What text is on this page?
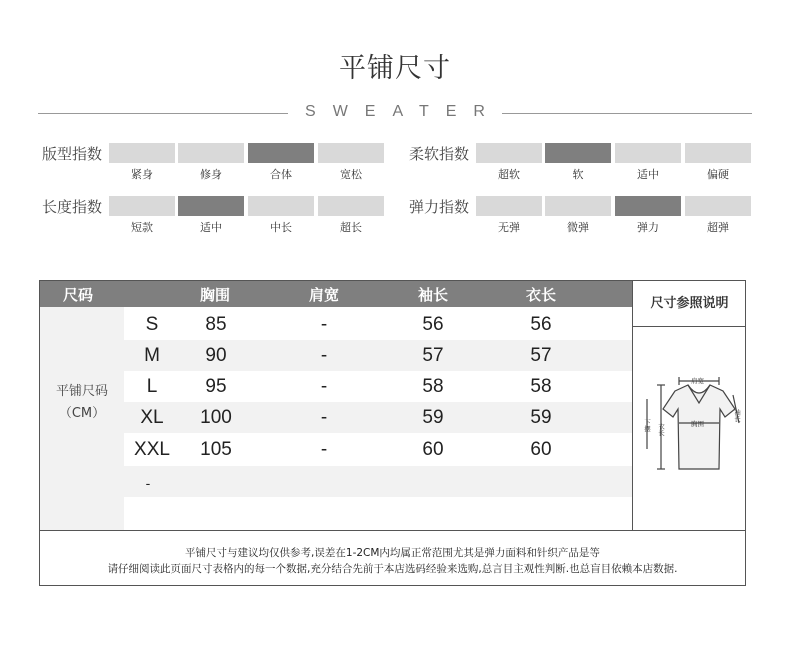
平铺尺寸
SWEATER
版型指数
紧身	修身	合体	宽松
柔软指数
超软	软	适中	偏硬
长度指数
短款	适中	中长	超长
弹力指数
无弹	微弹	弹力	超弹
尺码	胸围	肩宽	袖长	衣长
平铺尺码
（CM）
S	85	-	56	56
M	90	-	57	57
L	95	-	58	58
XL	100	-	59	59
XXL	105	-	60	60
-
尺寸参照说明
肩宽
胸围
袖长
衣长
下摆
平铺尺寸与建议均仅供参考,误差在1-2CM内均属正常范围尤其是弹力面料和针织产品是等
请仔细阅读此页面尺寸表格内的每一个数据,充分结合先前于本店选码经验来选购,总言目主观性判断.也总盲目依赖本店数据.
